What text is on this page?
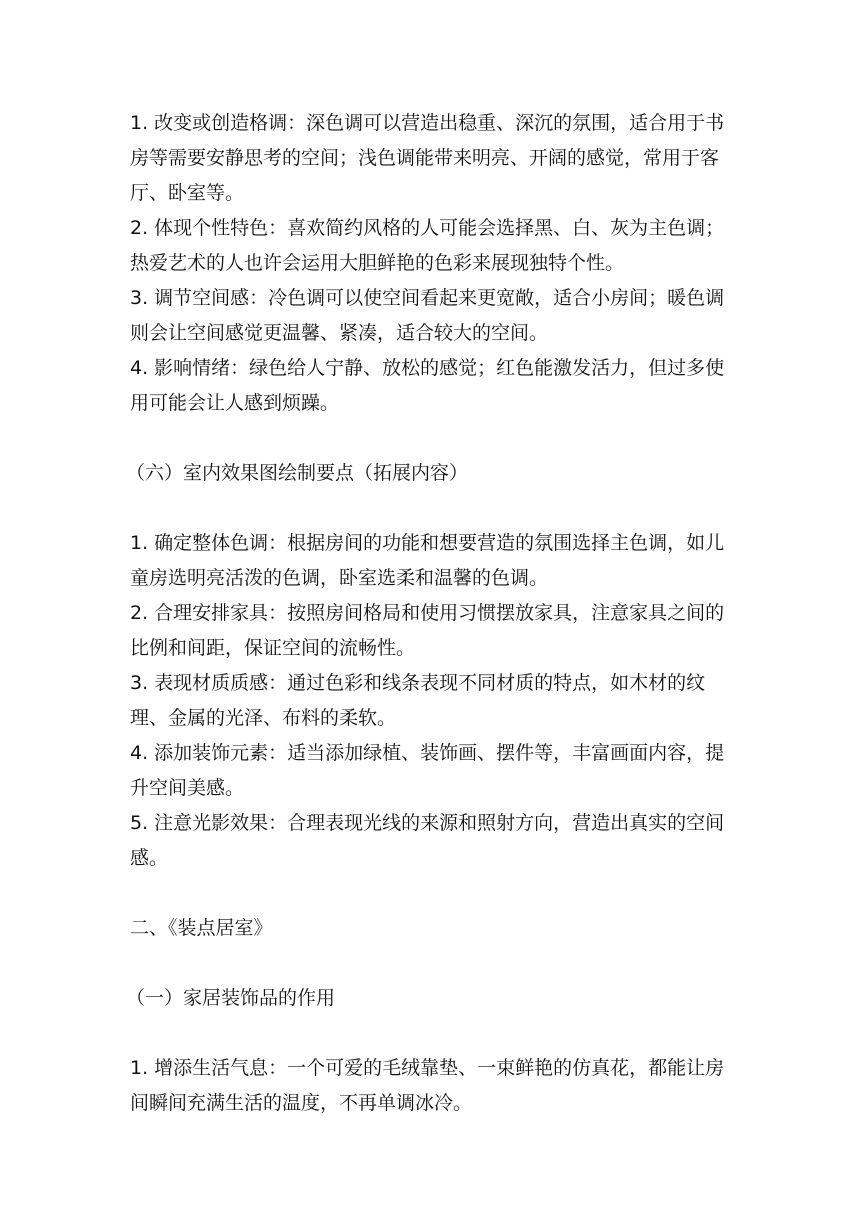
1. 改变或创造格调：深色调可以营造出稳重、深沉的氛围，适合用于书房等需要安静思考的空间；浅色调能带来明亮、开阔的感觉，常用于客厅、卧室等。

2. 体现个性特色：喜欢简约风格的人可能会选择黑、白、灰为主色调；热爱艺术的人也许会运用大胆鲜艳的色彩来展现独特个性。

3. 调节空间感：冷色调可以使空间看起来更宽敞，适合小房间；暖色调则会让空间感觉更温馨、紧凑，适合较大的空间。

4. 影响情绪：绿色给人宁静、放松的感觉；红色能激发活力，但过多使用可能会让人感到烦躁。

（六）室内效果图绘制要点（拓展内容）

1. 确定整体色调：根据房间的功能和想要营造的氛围选择主色调，如儿童房选明亮活泼的色调，卧室选柔和温馨的色调。

2. 合理安排家具：按照房间格局和使用习惯摆放家具，注意家具之间的比例和间距，保证空间的流畅性。

3. 表现材质质感：通过色彩和线条表现不同材质的特点，如木材的纹理、金属的光泽、布料的柔软。

4. 添加装饰元素：适当添加绿植、装饰画、摆件等，丰富画面内容，提升空间美感。

5. 注意光影效果：合理表现光线的来源和照射方向，营造出真实的空间感。

二、《装点居室》

（一）家居装饰品的作用

1. 增添生活气息：一个可爱的毛绒靠垫、一束鲜艳的仿真花，都能让房间瞬间充满生活的温度，不再单调冰冷。
